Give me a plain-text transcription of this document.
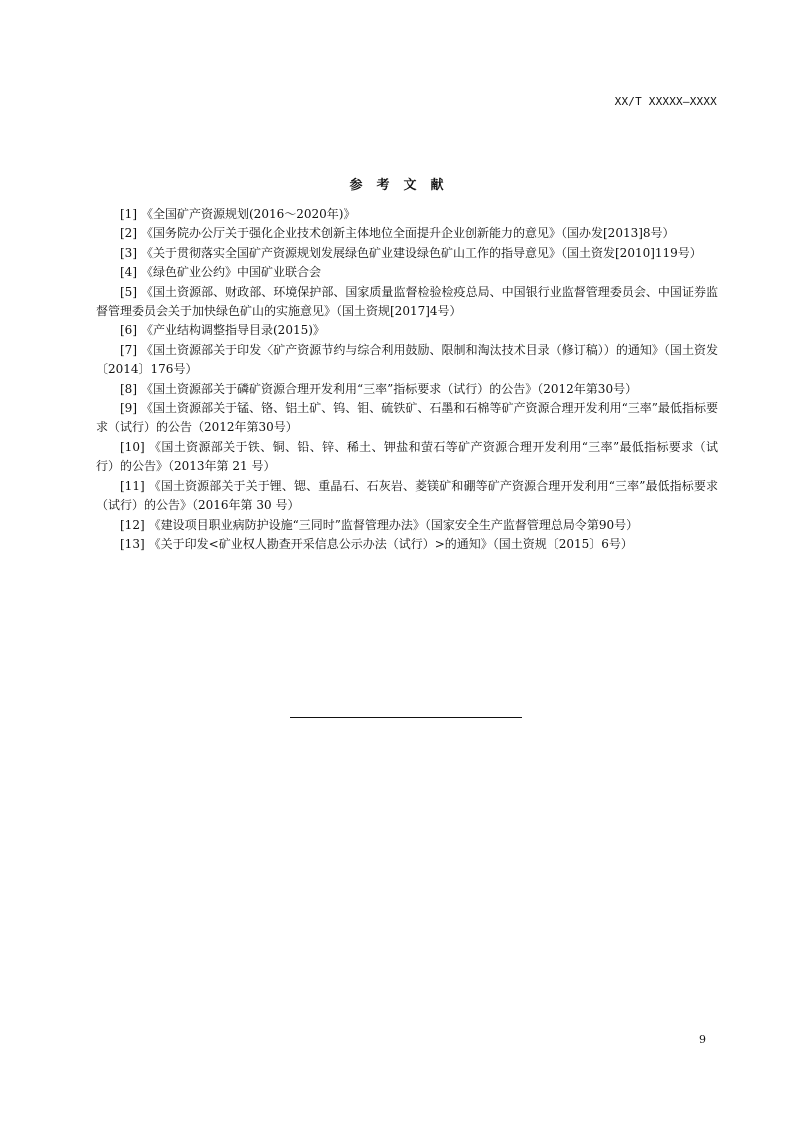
XX/T XXXXX—XXXX
参考文献

[1] 《全国矿产资源规划(2016～2020年)》

[2] 《国务院办公厅关于强化企业技术创新主体地位全面提升企业创新能力的意见》（国办发[2013]8号）

[3] 《关于贯彻落实全国矿产资源规划发展绿色矿业建设绿色矿山工作的指导意见》（国土资发[2010]119号）

[4] 《绿色矿业公约》中国矿业联合会

[5] 《国土资源部、财政部、环境保护部、国家质量监督检验检疫总局、中国银行业监督管理委员会、中国证券监督管理委员会关于加快绿色矿山的实施意见》（国土资规[2017]4号）

[6] 《产业结构调整指导目录(2015)》

[7] 《国土资源部关于印发〈矿产资源节约与综合利用鼓励、限制和淘汰技术目录（修订稿））的通知》（国土资发〔2014〕176号）

[8] 《国土资源部关于磷矿资源合理开发利用“三率”指标要求（试行）的公告》（2012年第30号）

[9] 《国土资源部关于锰、铬、铝土矿、钨、钼、硫铁矿、石墨和石棉等矿产资源合理开发利用“三率”最低指标要求（试行）的公告（2012年第30号）

[10] 《国土资源部关于铁、铜、铅、锌、稀土、钾盐和萤石等矿产资源合理开发利用“三率”最低指标要求（试行）的公告》（2013年第 21 号）

[11] 《国土资源部关于关于锂、锶、重晶石、石灰岩、菱镁矿和硼等矿产资源合理开发利用“三率”最低指标要求（试行）的公告》（2016年第 30 号）

[12] 《建设项目职业病防护设施“三同时”监督管理办法》（国家安全生产监督管理总局令第90号）

[13] 《关于印发<矿业权人勘查开采信息公示办法（试行）>的通知》（国土资规〔2015〕6号）

9
